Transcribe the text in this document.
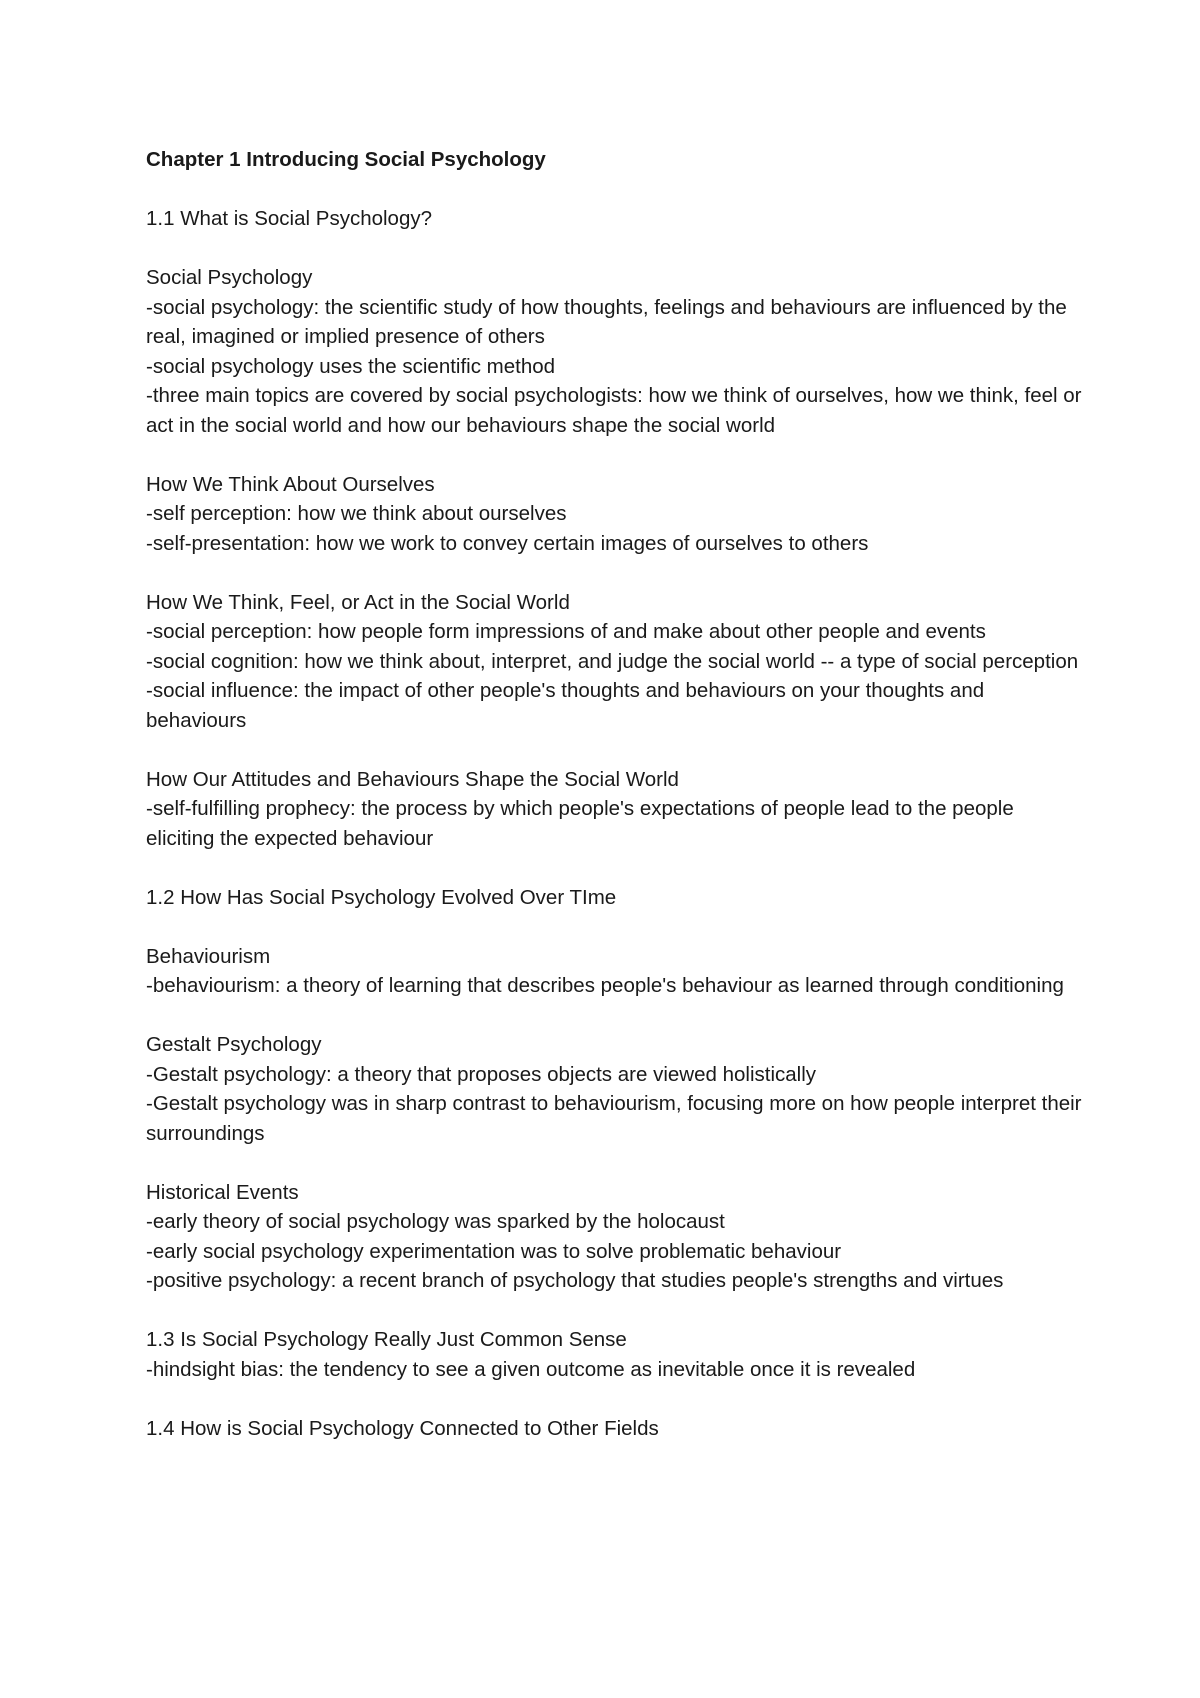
Chapter 1 Introducing Social Psychology

1.1 What is Social Psychology?

Social Psychology

-social psychology: the scientific study of how thoughts, feelings and behaviours are influenced by the real, imagined or implied presence of others

-social psychology uses the scientific method

-three main topics are covered by social psychologists: how we think of ourselves, how we think, feel or act in the social world and how our behaviours shape the social world

How We Think About Ourselves

-self perception: how we think about ourselves

-self-presentation: how we work to convey certain images of ourselves to others

How We Think, Feel, or Act in the Social World

-social perception: how people form impressions of and make about other people and events

-social cognition: how we think about, interpret, and judge the social world -- a type of social perception

-social influence: the impact of other people's thoughts and behaviours on your thoughts and behaviours

How Our Attitudes and Behaviours Shape the Social World

-self-fulfilling prophecy: the process by which people's expectations of people lead to the people eliciting the expected behaviour

1.2 How Has Social Psychology Evolved Over TIme

Behaviourism

-behaviourism: a theory of learning that describes people's behaviour as learned through conditioning

Gestalt Psychology

-Gestalt psychology: a theory that proposes objects are viewed holistically

-Gestalt psychology was in sharp contrast to behaviourism, focusing more on how people interpret their surroundings

Historical Events

-early theory of social psychology was sparked by the holocaust

-early social psychology experimentation was to solve problematic behaviour

-positive psychology: a recent branch of psychology that studies people's strengths and virtues

1.3 Is Social Psychology Really Just Common Sense

-hindsight bias: the tendency to see a given outcome as inevitable once it is revealed

1.4 How is Social Psychology Connected to Other Fields
